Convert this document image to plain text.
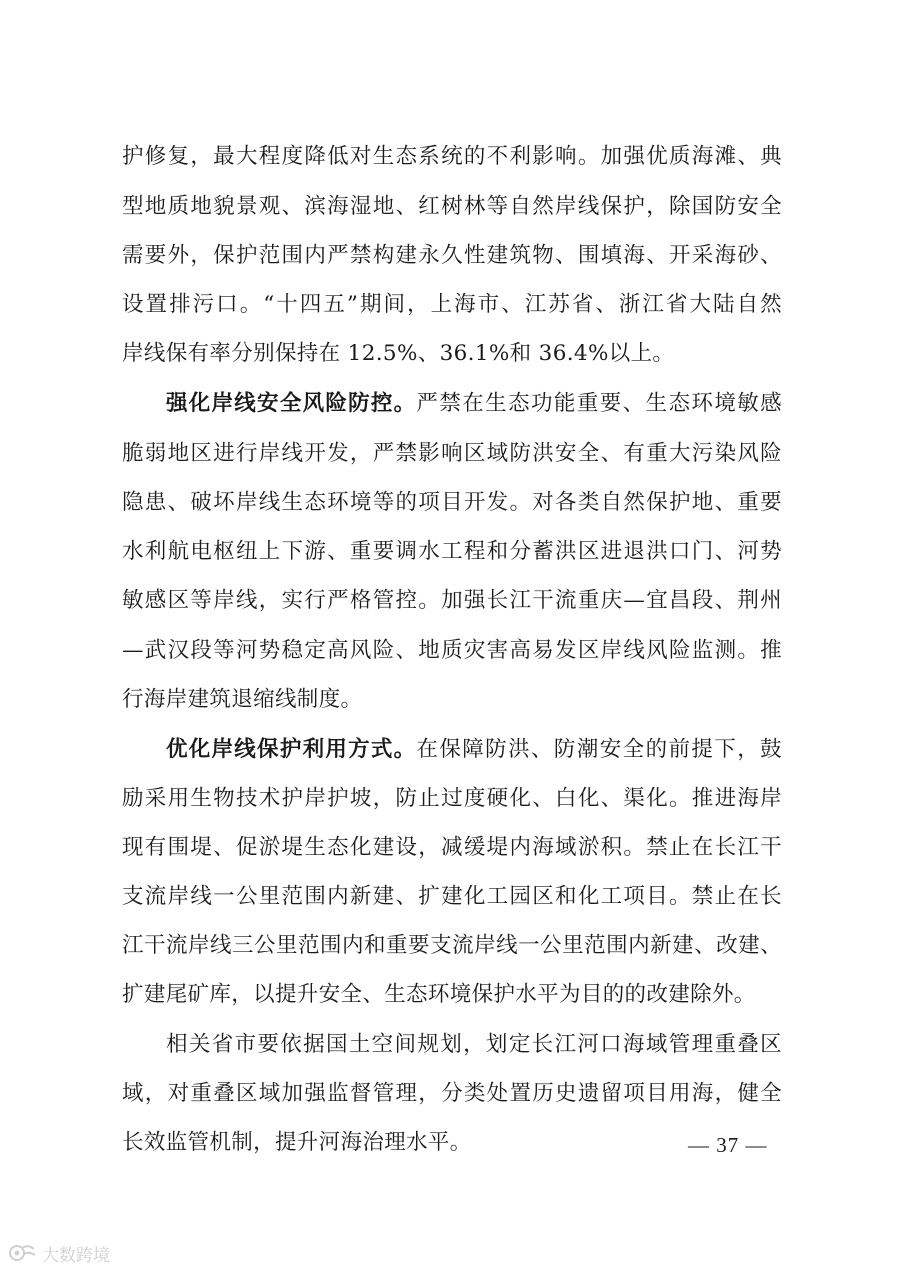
护修复，最大程度降低对生态系统的不利影响。加强优质海滩、典
型地质地貌景观、滨海湿地、红树林等自然岸线保护，除国防安全
需要外，保护范围内严禁构建永久性建筑物、围填海、开采海砂、
设置排污口。“十四五”期间，上海市、江苏省、浙江省大陆自然
岸线保有率分别保持在 12.5%、36.1%和 36.4%以上。
强化岸线安全风险防控。严禁在生态功能重要、生态环境敏感
脆弱地区进行岸线开发，严禁影响区域防洪安全、有重大污染风险
隐患、破坏岸线生态环境等的项目开发。对各类自然保护地、重要
水利航电枢纽上下游、重要调水工程和分蓄洪区进退洪口门、河势
敏感区等岸线，实行严格管控。加强长江干流重庆—宜昌段、荆州
—武汉段等河势稳定高风险、地质灾害高易发区岸线风险监测。推
行海岸建筑退缩线制度。
优化岸线保护利用方式。在保障防洪、防潮安全的前提下，鼓
励采用生物技术护岸护坡，防止过度硬化、白化、渠化。推进海岸
现有围堤、促淤堤生态化建设，减缓堤内海域淤积。禁止在长江干
支流岸线一公里范围内新建、扩建化工园区和化工项目。禁止在长
江干流岸线三公里范围内和重要支流岸线一公里范围内新建、改建、
扩建尾矿库，以提升安全、生态环境保护水平为目的的改建除外。
相关省市要依据国土空间规划，划定长江河口海域管理重叠区
域，对重叠区域加强监督管理，分类处置历史遗留项目用海，健全
长效监管机制，提升河海治理水平。	— 37 —
大数跨境
